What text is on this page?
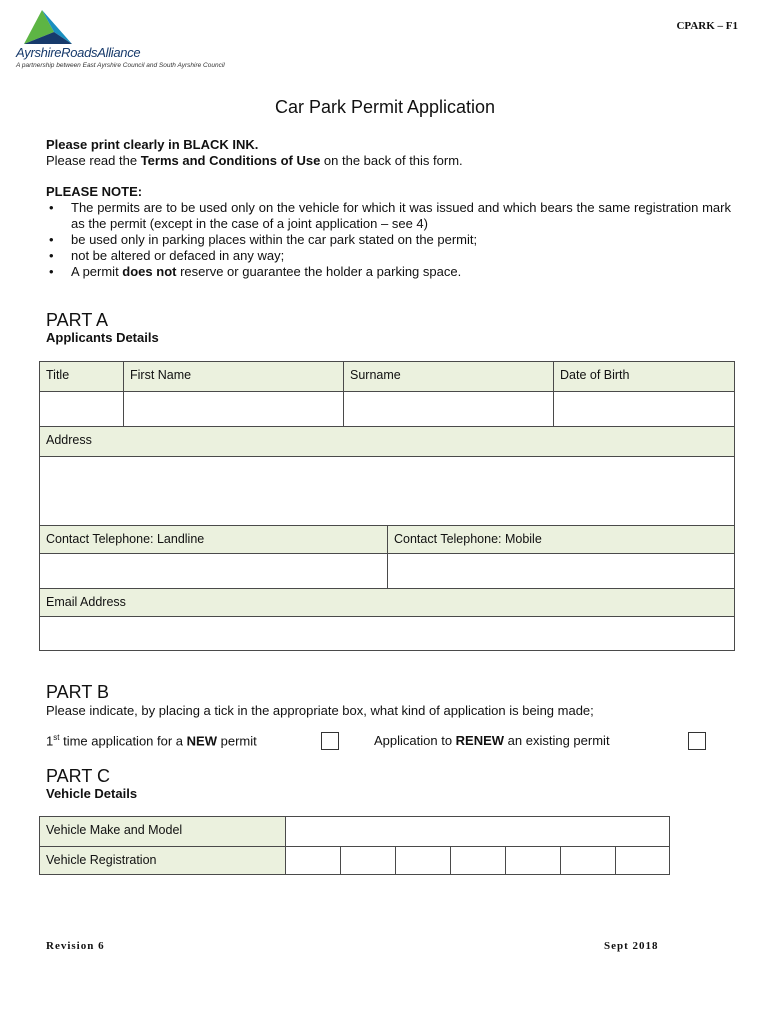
AyrshireRoadsAlliance
A partnership between East Ayrshire Council and South Ayrshire Council
CPARK – F1
Car Park Permit Application
Please print clearly in BLACK INK.
Please read the Terms and Conditions of Use on the back of this form.
PLEASE NOTE:
• The permits are to be used only on the vehicle for which it was issued and which bears the same registration mark as the permit (except in the case of a joint application – see 4)
• be used only in parking places within the car park stated on the permit;
• not be altered or defaced in any way;
• A permit does not reserve or guarantee the holder a parking space.
PART A
Applicants Details
Title	First Name	Surname	Date of Birth
Address
Contact Telephone: Landline	Contact Telephone: Mobile
Email Address
PART B
Please indicate, by placing a tick in the appropriate box, what kind of application is being made;
1st time application for a NEW permit	Application to RENEW an existing permit
PART C
Vehicle Details
Vehicle Make and Model
Vehicle Registration
Revision 6	Sept 2018
